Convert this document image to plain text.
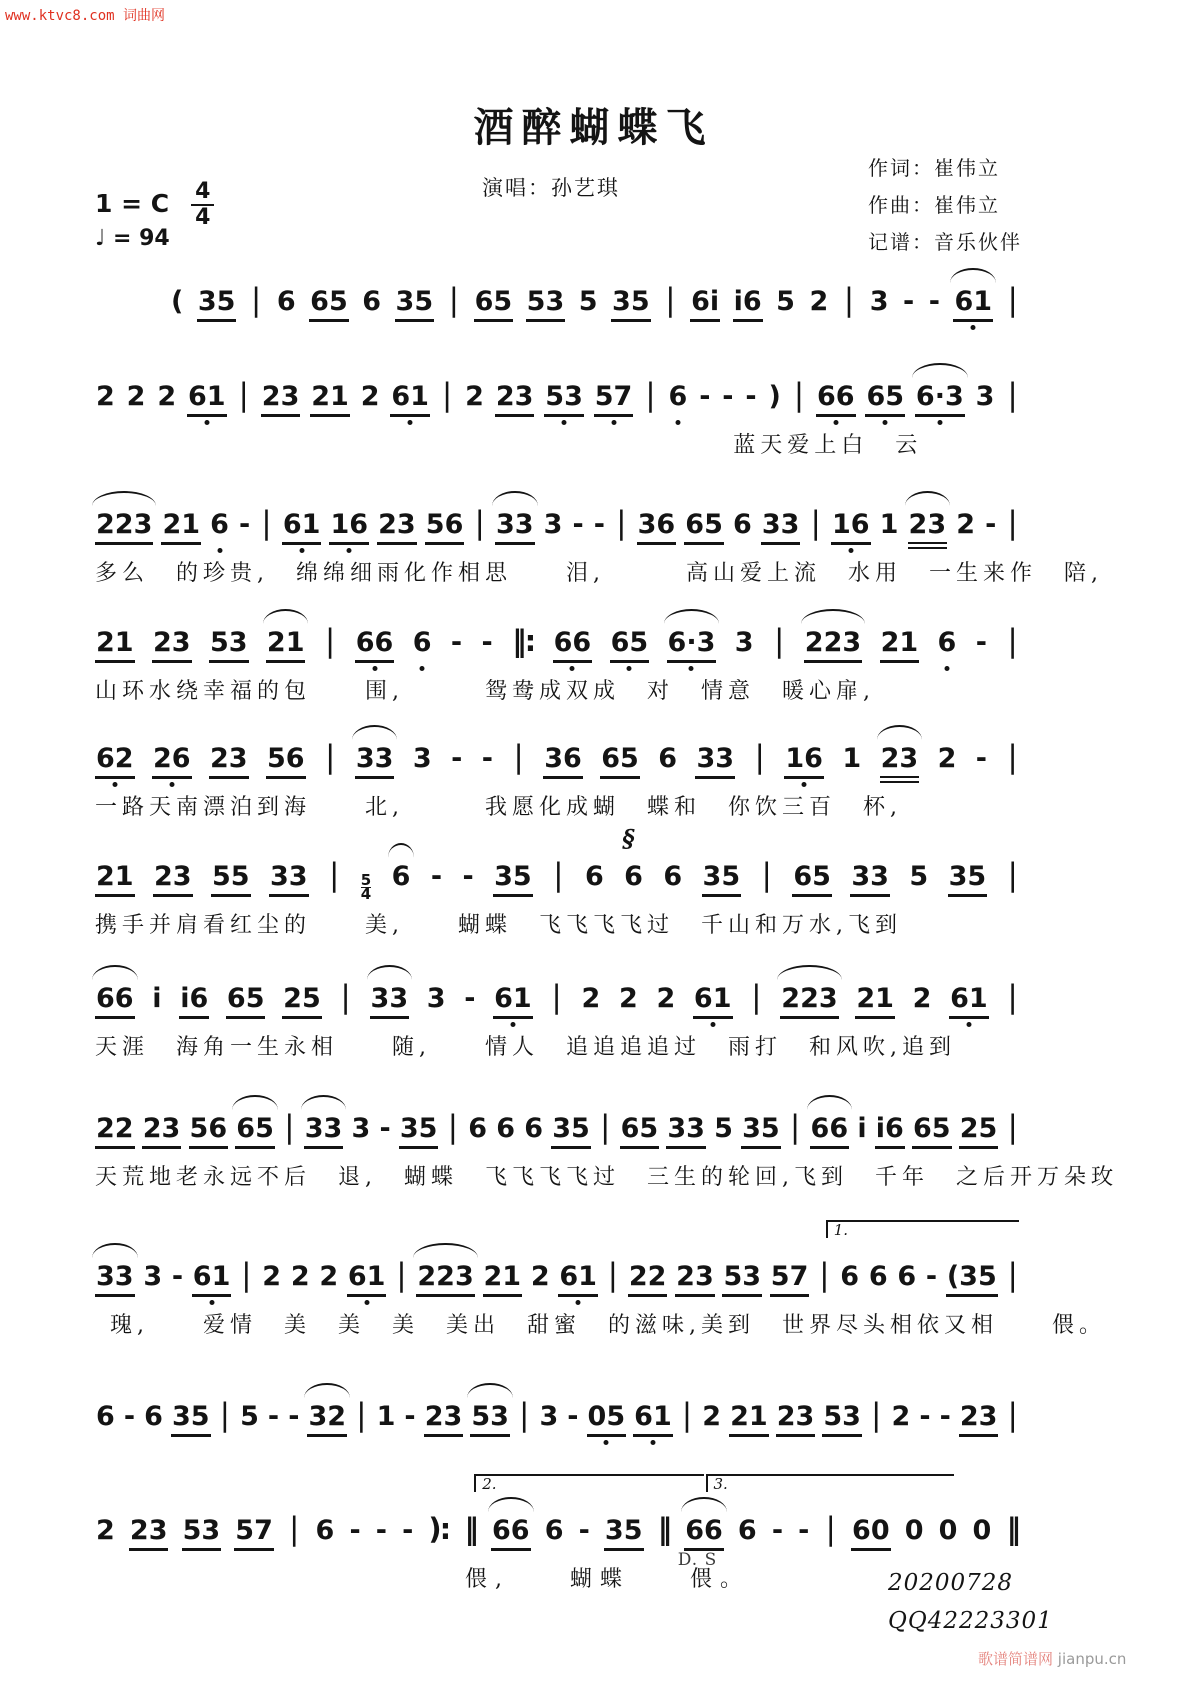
www.ktvc8.com 词曲网
酒醉蝴蝶飞
演唱：孙艺琪
作词：崔伟立
作曲：崔伟立
记谱：音乐伙伴
1 = C $\frac{4}{4}$
♩ = 94
( 35 | 6 65 6 35 | 65 53 5 35 | 6i i6 5 2 | 3 - - 61 |
2 2 2 61 | 23 21 2 61 | 2 23 53 57 | 6 - - - ) | 66 65 6·3 3 |
蓝天爱上白　云
223 21 6 - | 61 16 23 56 | 33 3 - - | 36 65 6 33 | 16 1 23 2 - |
多么　的珍贵,　绵绵细雨化作相思　　泪,　　　高山爱上流　水用　一生来作　陪,
21 23 53 21 | 66 6 - - ‖: 66 65 6·3 3 | 223 21 6 - |
山环水绕幸福的包　　围,　　　鸳鸯成双成　对　情意　暖心扉,
62 26 23 56 | 33 3 - - | 36 65 6 33 | 16 1 23 2 - |
一路天南漂泊到海　　北,　　　我愿化成蝴　蝶和　你饮三百　杯,
21 23 55 33 | 5
4
6 - - 35 | 6 6 6 35 | 65 33 5 35 |
携手并肩看红尘的　　美,　　蝴蝶　飞飞飞飞过　千山和万水,飞到
§
66 i i6 65 25 | 33 3 - 61 | 2 2 2 61 | 223 21 2 61 |
天涯　海角一生永相　　随,　　情人　追追追追过　雨打　和风吹,追到
22 23 56 65 | 33 3 - 35 | 6 6 6 35 | 65 33 5 35 | 66 i i6 65 25 |
天荒地老永远不后　退,　蝴蝶　飞飞飞飞过　三生的轮回,飞到　千年　之后开万朵玫
33 3 - 61 | 2 2 2 61 | 223 21 2 61 | 22 23 53 57 | 6 6 6 - (35 |
瑰,　　爱情　美　美　美　美出　甜蜜　的滋味,美到　世界尽头相依又相　　偎。
1.
6 - 6 35 | 5 - - 32 | 1 - 23 53 | 3 - 05 61 | 2 21 23 53 | 2 - - 23 |
2 23 53 57 | 6 - - - ): ‖ 66 6 - 35 ‖ 66 6 - - | 60 0 0 0 ‖
偎,　　蝴蝶　　偎。
2.	3.
D. S
20200728
QQ42223301
歌谱简谱网 jianpu.cn
